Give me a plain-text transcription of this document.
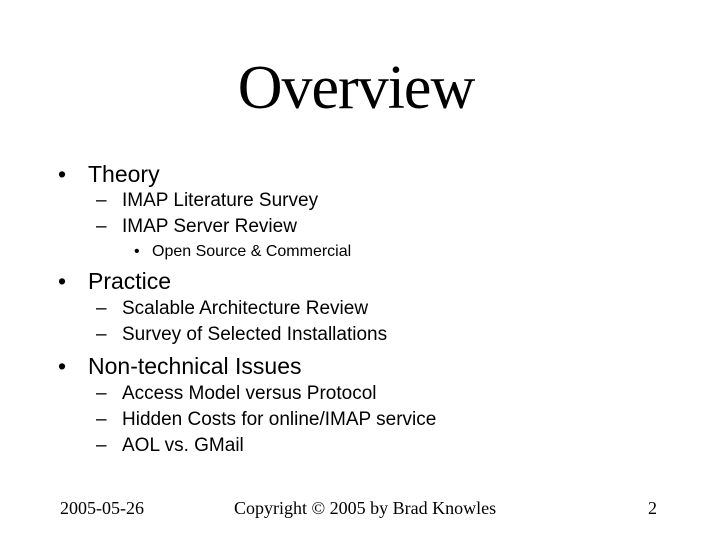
Overview
• Theory
– IMAP Literature Survey
– IMAP Server Review
• Open Source & Commercial
• Practice
– Scalable Architecture Review
– Survey of Selected Installations
• Non-technical Issues
– Access Model versus Protocol
– Hidden Costs for online/IMAP service
– AOL vs. GMail
2005-05-26	Copyright © 2005 by Brad Knowles	2
